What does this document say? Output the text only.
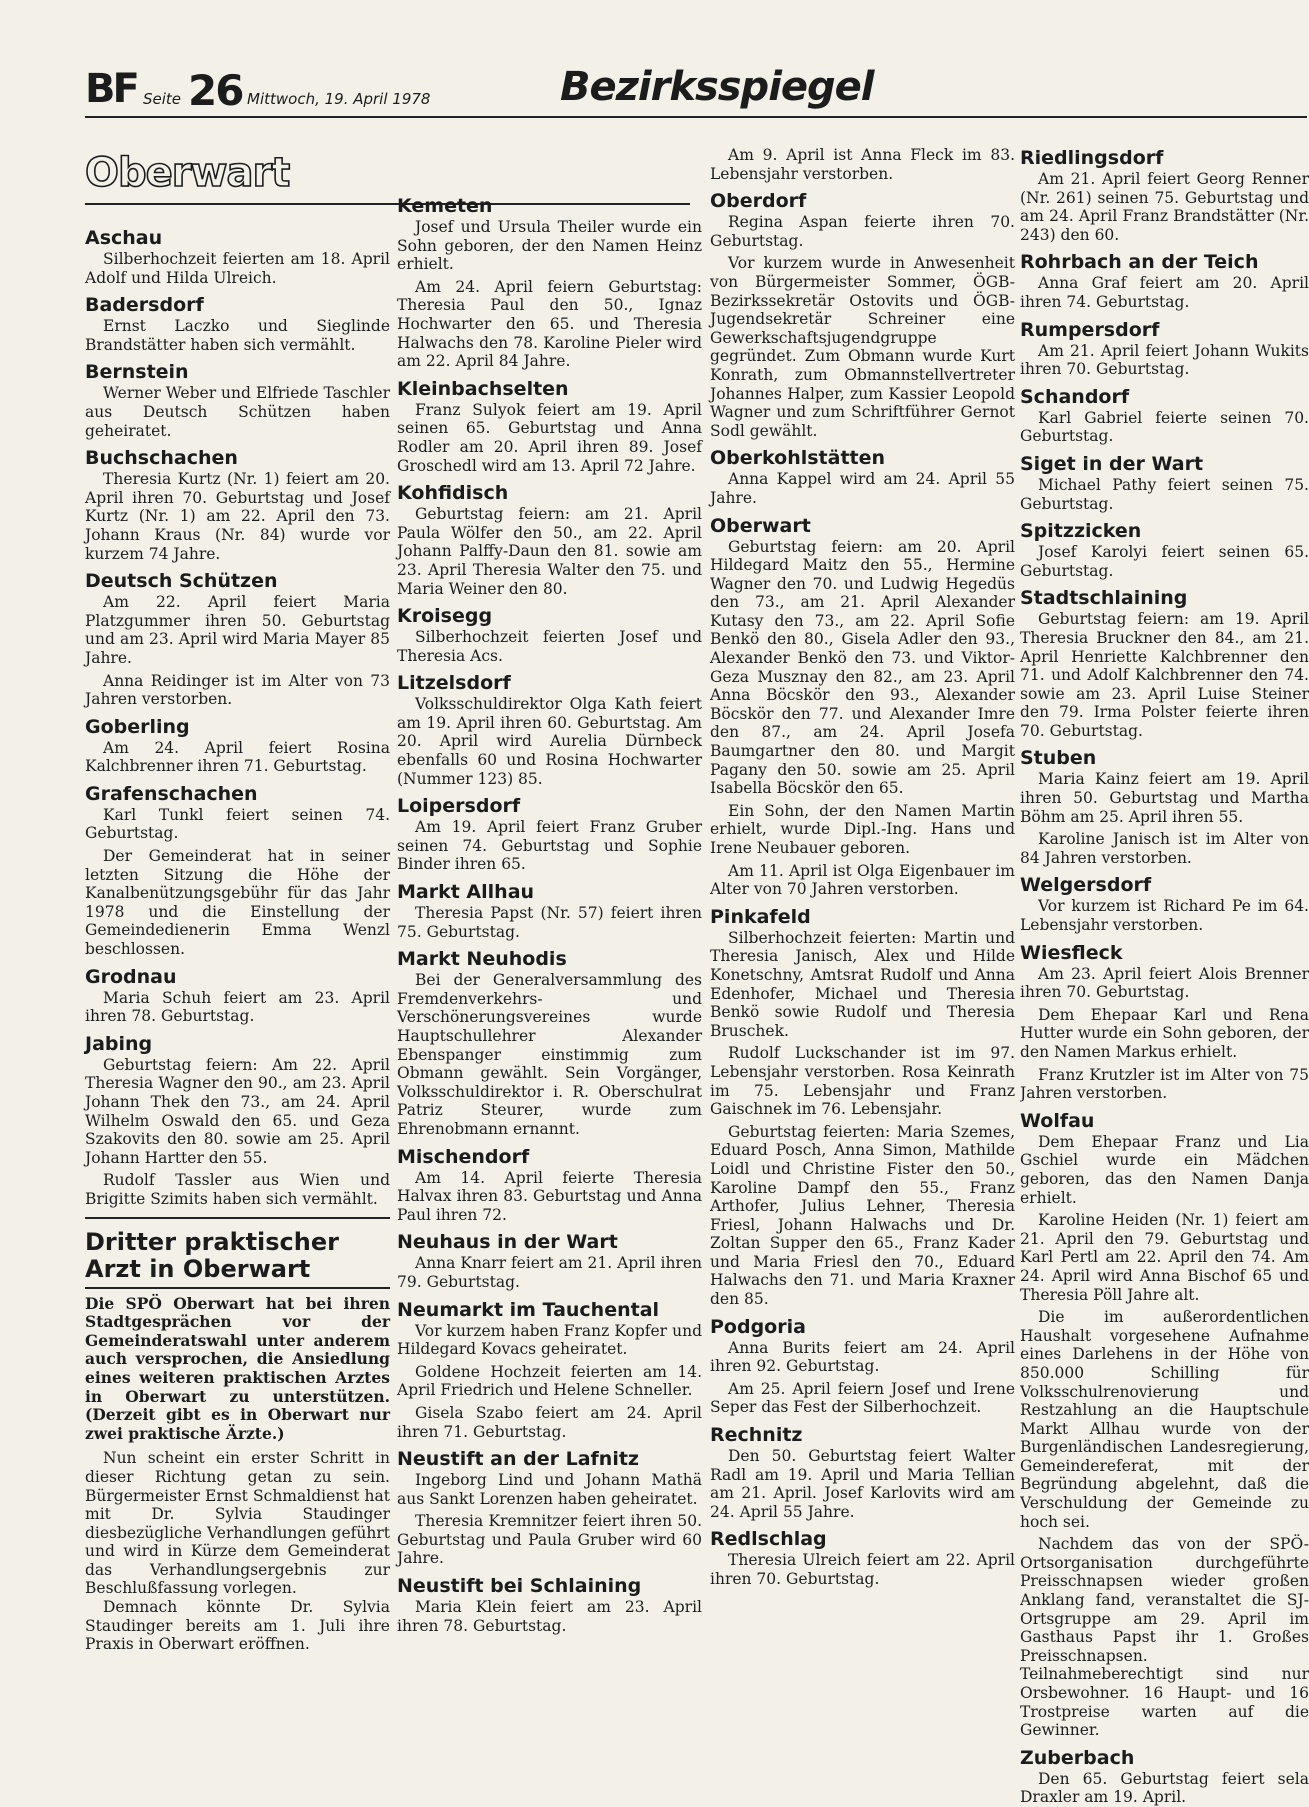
BF Seite 26 Mittwoch, 19. April 1978	Bezirksspiegel
Oberwart
Aschau

Silberhochzeit feierten am 18. April Adolf und Hilda Ulreich.

Badersdorf

Ernst Laczko und Sieglinde Brandstätter haben sich vermählt.

Bernstein

Werner Weber und Elfriede Taschler aus Deutsch Schützen haben geheiratet.

Buchschachen

Theresia Kurtz (Nr. 1) feiert am 20. April ihren 70. Geburtstag und Josef Kurtz (Nr. 1) am 22. April den 73. Johann Kraus (Nr. 84) wurde vor kurzem 74 Jahre.

Deutsch Schützen

Am 22. April feiert Maria Platzgummer ihren 50. Geburtstag und am 23. April wird Maria Mayer 85 Jahre.

Anna Reidinger ist im Alter von 73 Jahren verstorben.

Goberling

Am 24. April feiert Rosina Kalchbrenner ihren 71. Geburtstag.

Grafenschachen

Karl Tunkl feiert seinen 74. Geburtstag.

Der Gemeinderat hat in seiner letzten Sitzung die Höhe der Kanalbenützungsgebühr für das Jahr 1978 und die Einstellung der Gemeindedienerin Emma Wenzl beschlossen.

Grodnau

Maria Schuh feiert am 23. April ihren 78. Geburtstag.

Jabing

Geburtstag feiern: Am 22. April Theresia Wagner den 90., am 23. April Johann Thek den 73., am 24. April Wilhelm Oswald den 65. und Geza Szakovits den 80. sowie am 25. April Johann Hartter den 55.

Rudolf Tassler aus Wien und Brigitte Szimits haben sich vermählt.

Dritter praktischer Arzt in Oberwart

Die SPÖ Oberwart hat bei ihren Stadtgesprächen vor der Gemeinderatswahl unter anderem auch versprochen, die Ansiedlung eines weiteren praktischen Arztes in Oberwart zu unterstützen. (Derzeit gibt es in Oberwart nur zwei praktische Ärzte.)

Nun scheint ein erster Schritt in dieser Richtung getan zu sein. Bürgermeister Ernst Schmaldienst hat mit Dr. Sylvia Staudinger diesbezügliche Verhandlungen geführt und wird in Kürze dem Gemeinderat das Verhandlungsergebnis zur Beschlußfassung vorlegen.

Demnach könnte Dr. Sylvia Staudinger bereits am 1. Juli ihre Praxis in Oberwart eröffnen.

Kemeten

Josef und Ursula Theiler wurde ein Sohn geboren, der den Namen Heinz erhielt.

Am 24. April feiern Geburtstag: Theresia Paul den 50., Ignaz Hochwarter den 65. und Theresia Halwachs den 78. Karoline Pieler wird am 22. April 84 Jahre.

Kleinbachselten

Franz Sulyok feiert am 19. April seinen 65. Geburtstag und Anna Rodler am 20. April ihren 89. Josef Groschedl wird am 13. April 72 Jahre.

Kohfidisch

Geburtstag feiern: am 21. April Paula Wölfer den 50., am 22. April Johann Palffy-Daun den 81. sowie am 23. April Theresia Walter den 75. und Maria Weiner den 80.

Kroisegg

Silberhochzeit feierten Josef und Theresia Acs.

Litzelsdorf

Volksschuldirektor Olga Kath feiert am 19. April ihren 60. Geburtstag. Am 20. April wird Aurelia Dürnbeck ebenfalls 60 und Rosina Hochwarter (Nummer 123) 85.

Loipersdorf

Am 19. April feiert Franz Gruber seinen 74. Geburtstag und Sophie Binder ihren 65.

Markt Allhau

Theresia Papst (Nr. 57) feiert ihren 75. Geburtstag.

Markt Neuhodis

Bei der Generalversammlung des Fremdenverkehrs- und Verschönerungsvereines wurde Hauptschullehrer Alexander Ebenspanger einstimmig zum Obmann gewählt. Sein Vorgänger, Volksschuldirektor i. R. Oberschulrat Patriz Steurer, wurde zum Ehrenobmann ernannt.

Mischendorf

Am 14. April feierte Theresia Halvax ihren 83. Geburtstag und Anna Paul ihren 72.

Neuhaus in der Wart

Anna Knarr feiert am 21. April ihren 79. Geburtstag.

Neumarkt im Tauchental

Vor kurzem haben Franz Kopfer und Hildegard Kovacs geheiratet.

Goldene Hochzeit feierten am 14. April Friedrich und Helene Schneller.

Gisela Szabo feiert am 24. April ihren 71. Geburtstag.

Neustift an der Lafnitz

Ingeborg Lind und Johann Mathä aus Sankt Lorenzen haben geheiratet.

Theresia Kremnitzer feiert ihren 50. Geburtstag und Paula Gruber wird 60 Jahre.

Neustift bei Schlaining

Maria Klein feiert am 23. April ihren 78. Geburtstag.

Am 9. April ist Anna Fleck im 83. Lebensjahr verstorben.

Oberdorf

Regina Aspan feierte ihren 70. Geburtstag.

Vor kurzem wurde in Anwesenheit von Bürgermeister Sommer, ÖGB-Bezirkssekretär Ostovits und ÖGB-Jugendsekretär Schreiner eine Gewerkschaftsjugendgruppe gegründet. Zum Obmann wurde Kurt Konrath, zum Obmannstellvertreter Johannes Halper, zum Kassier Leopold Wagner und zum Schriftführer Gernot Sodl gewählt.

Oberkohlstätten

Anna Kappel wird am 24. April 55 Jahre.

Oberwart

Geburtstag feiern: am 20. April Hildegard Maitz den 55., Hermine Wagner den 70. und Ludwig Hegedüs den 73., am 21. April Alexander Kutasy den 73., am 22. April Sofie Benkö den 80., Gisela Adler den 93., Alexander Benkö den 73. und Viktor-Geza Musznay den 82., am 23. April Anna Böcskör den 93., Alexander Böcskör den 77. und Alexander Imre den 87., am 24. April Josefa Baumgartner den 80. und Margit Pagany den 50. sowie am 25. April Isabella Böcskör den 65.

Ein Sohn, der den Namen Martin erhielt, wurde Dipl.-Ing. Hans und Irene Neubauer geboren.

Am 11. April ist Olga Eigenbauer im Alter von 70 Jahren verstorben.

Pinkafeld

Silberhochzeit feierten: Martin und Theresia Janisch, Alex und Hilde Konetschny, Amtsrat Rudolf und Anna Edenhofer, Michael und Theresia Benkö sowie Rudolf und Theresia Bruschek.

Rudolf Luckschander ist im 97. Lebensjahr verstorben. Rosa Keinrath im 75. Lebensjahr und Franz Gaischnek im 76. Lebensjahr.

Geburtstag feierten: Maria Szemes, Eduard Posch, Anna Simon, Mathilde Loidl und Christine Fister den 50., Karoline Dampf den 55., Franz Arthofer, Julius Lehner, Theresia Friesl, Johann Halwachs und Dr. Zoltan Supper den 65., Franz Kader und Maria Friesl den 70., Eduard Halwachs den 71. und Maria Kraxner den 85.

Podgoria

Anna Burits feiert am 24. April ihren 92. Geburtstag.

Am 25. April feiern Josef und Irene Seper das Fest der Silberhochzeit.

Rechnitz

Den 50. Geburtstag feiert Walter Radl am 19. April und Maria Tellian am 21. April. Josef Karlovits wird am 24. April 55 Jahre.

Redlschlag

Theresia Ulreich feiert am 22. April ihren 70. Geburtstag.

Riedlingsdorf

Am 21. April feiert Georg Renner (Nr. 261) seinen 75. Geburtstag und am 24. April Franz Brandstätter (Nr. 243) den 60.

Rohrbach an der Teich

Anna Graf feiert am 20. April ihren 74. Geburtstag.

Rumpersdorf

Am 21. April feiert Johann Wukits ihren 70. Geburtstag.

Schandorf

Karl Gabriel feierte seinen 70. Geburtstag.

Siget in der Wart

Michael Pathy feiert seinen 75. Geburtstag.

Spitzzicken

Josef Karolyi feiert seinen 65. Geburtstag.

Stadtschlaining

Geburtstag feiern: am 19. April Theresia Bruckner den 84., am 21. April Henriette Kalchbrenner den 71. und Adolf Kalchbrenner den 74. sowie am 23. April Luise Steiner den 79. Irma Polster feierte ihren 70. Geburtstag.

Stuben

Maria Kainz feiert am 19. April ihren 50. Geburtstag und Martha Böhm am 25. April ihren 55.

Karoline Janisch ist im Alter von 84 Jahren verstorben.

Welgersdorf

Vor kurzem ist Richard Pe im 64. Lebensjahr verstorben.

Wiesfleck

Am 23. April feiert Alois Brenner ihren 70. Geburtstag.

Dem Ehepaar Karl und Rena Hutter wurde ein Sohn geboren, der den Namen Markus erhielt.

Franz Krutzler ist im Alter von 75 Jahren verstorben.

Wolfau

Dem Ehepaar Franz und Lia Gschiel wurde ein Mädchen geboren, das den Namen Danja erhielt.

Karoline Heiden (Nr. 1) feiert am 21. April den 79. Geburtstag und Karl Pertl am 22. April den 74. Am 24. April wird Anna Bischof 65 und Theresia Pöll Jahre alt.

Die im außerordentlichen Haushalt vorgesehene Aufnahme eines Darlehens in der Höhe von 850.000 Schilling für Volksschulrenovierung und Restzahlung an die Hauptschule Markt Allhau wurde von der Burgenländischen Landesregierung, Gemeindereferat, mit der Begründung abgelehnt, daß die Verschuldung der Gemeinde zu hoch sei.

Nachdem das von der SPÖ-Ortsorganisation durchgeführte Preisschnapsen wieder großen Anklang fand, veranstaltet die SJ-Ortsgruppe am 29. April im Gasthaus Papst ihr 1. Großes Preisschnapsen. Teilnahmeberechtigt sind nur Orsbewohner. 16 Haupt- und 16 Trostpreise warten auf die Gewinner.

Zuberbach

Den 65. Geburtstag feiert sela Draxler am 19. April.
